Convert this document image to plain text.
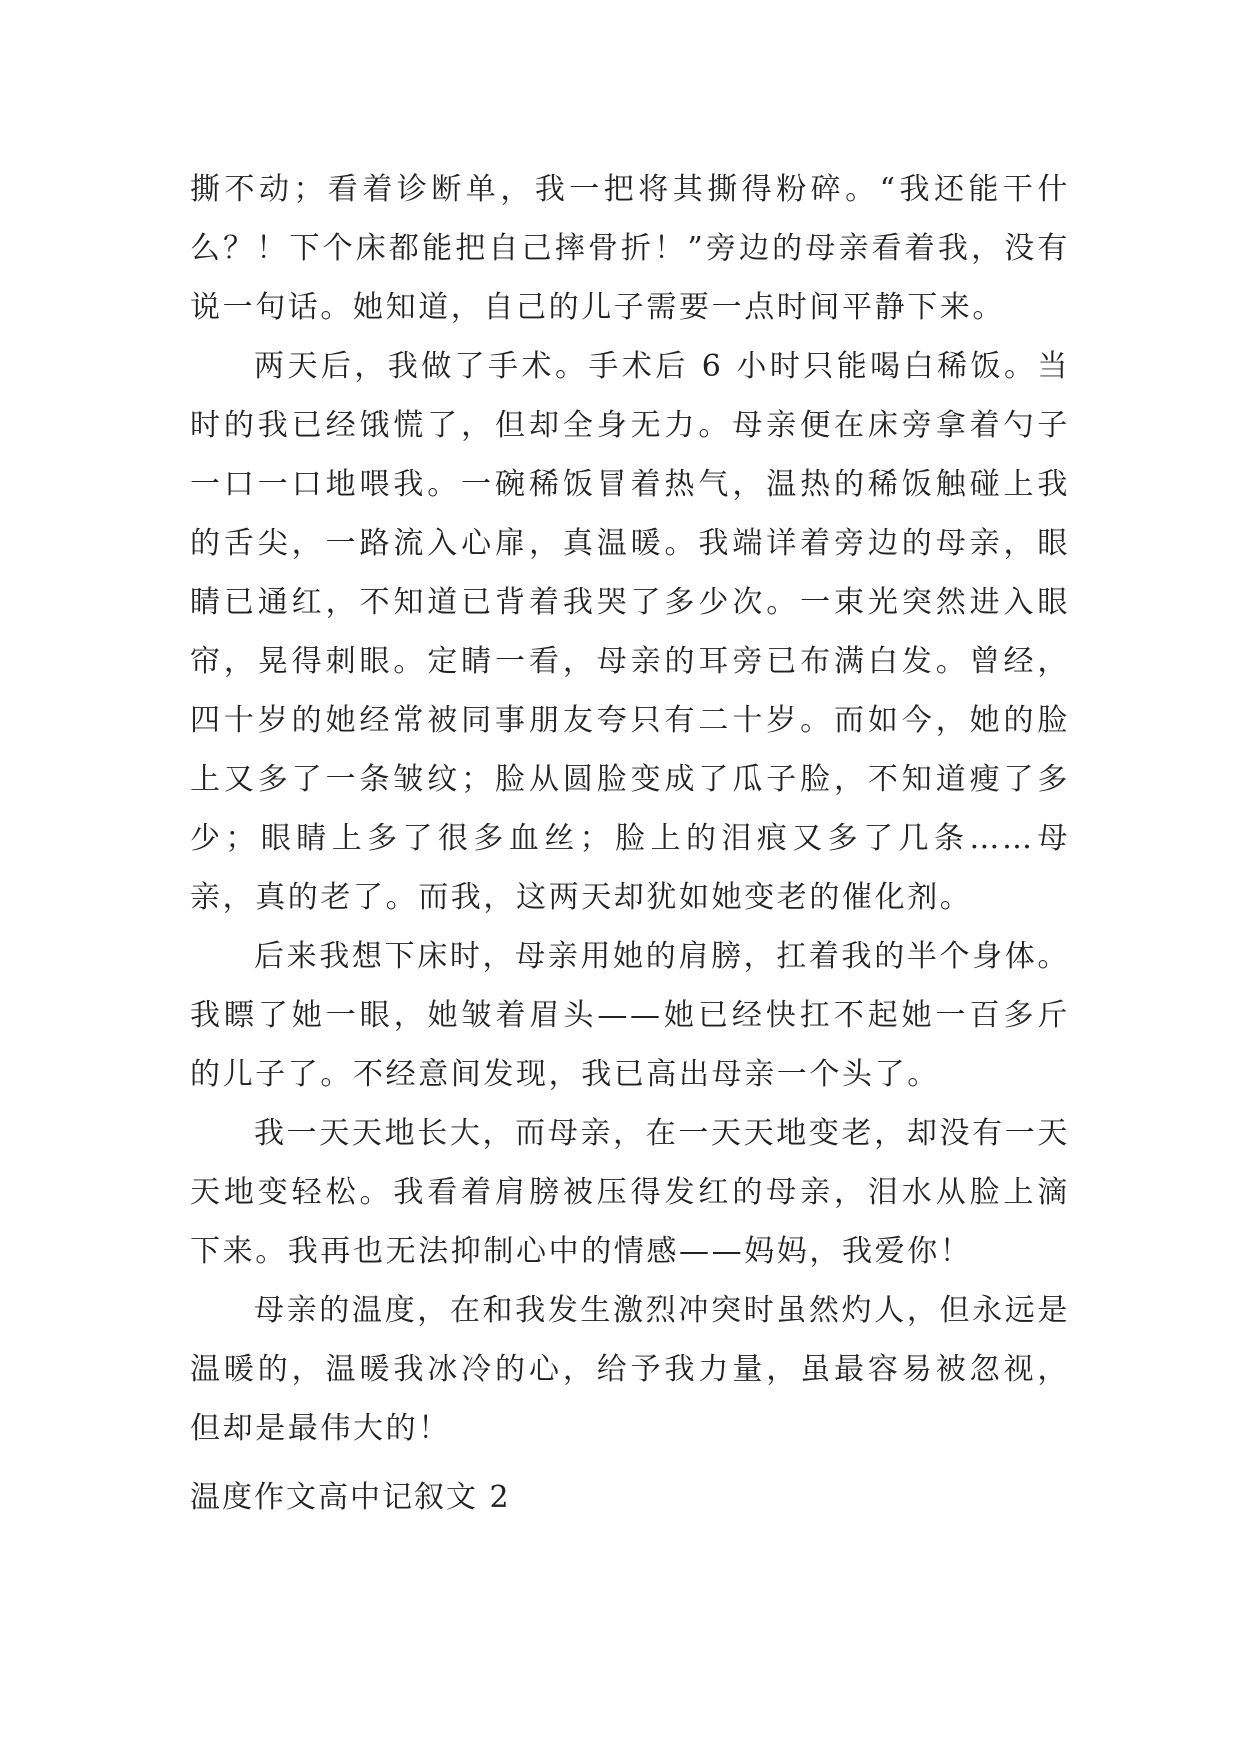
撕不动；看着诊断单，我一把将其撕得粉碎。“我还能干什么？！下个床都能把自己摔骨折！”旁边的母亲看着我，没有说一句话。她知道，自己的儿子需要一点时间平静下来。

两天后，我做了手术。手术后 6 小时只能喝白稀饭。当时的我已经饿慌了，但却全身无力。母亲便在床旁拿着勺子一口一口地喂我。一碗稀饭冒着热气，温热的稀饭触碰上我的舌尖，一路流入心扉，真温暖。我端详着旁边的母亲，眼睛已通红，不知道已背着我哭了多少次。一束光突然进入眼帘，晃得刺眼。定睛一看，母亲的耳旁已布满白发。曾经，四十岁的她经常被同事朋友夸只有二十岁。而如今，她的脸上又多了一条皱纹；脸从圆脸变成了瓜子脸，不知道瘦了多少；眼睛上多了很多血丝；脸上的泪痕又多了几条……母亲，真的老了。而我，这两天却犹如她变老的催化剂。

后来我想下床时，母亲用她的肩膀，扛着我的半个身体。我瞟了她一眼，她皱着眉头——她已经快扛不起她一百多斤的儿子了。不经意间发现，我已高出母亲一个头了。

我一天天地长大，而母亲，在一天天地变老，却没有一天天地变轻松。我看着肩膀被压得发红的母亲，泪水从脸上滴下来。我再也无法抑制心中的情感——妈妈，我爱你！

母亲的温度，在和我发生激烈冲突时虽然灼人，但永远是温暖的，温暖我冰冷的心，给予我力量，虽最容易被忽视，但却是最伟大的！

温度作文高中记叙文 2
